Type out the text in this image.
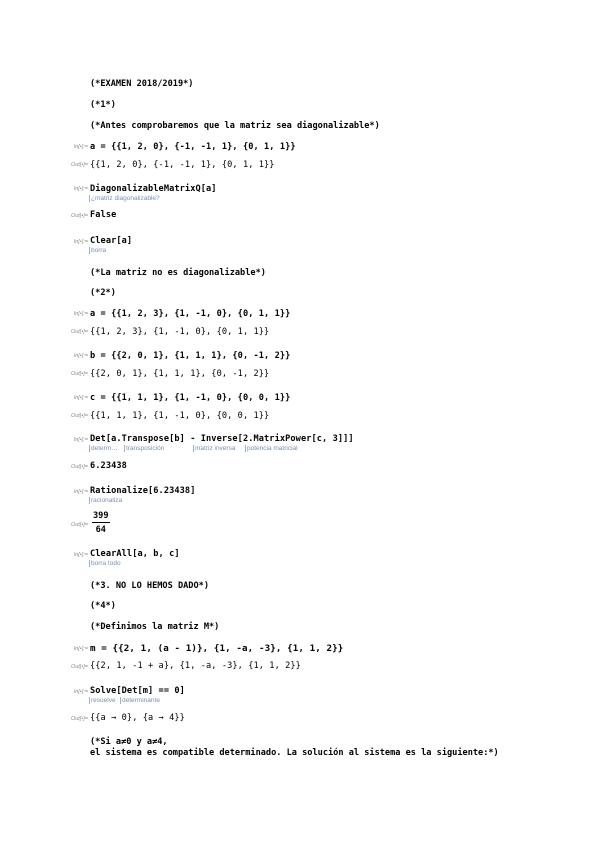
(*EXAMEN 2018/2019*)
(*1*)
(*Antes comprobaremos que la matriz sea diagonalizable*)
In[•]:= a = {{1, 2, 0}, {-1, -1, 1}, {0, 1, 1}}
Out[•]= {{1, 2, 0}, {-1, -1, 1}, {0, 1, 1}}
In[•]:= DiagonalizableMatrixQ[a]
¿matriz diagonalizable?
Out[•]= False
In[•]:= Clear[a]
borra
(*La matriz no es diagonalizable*)
(*2*)
In[•]:= a = {{1, 2, 3}, {1, -1, 0}, {0, 1, 1}}
Out[•]= {{1, 2, 3}, {1, -1, 0}, {0, 1, 1}}
In[•]:= b = {{2, 0, 1}, {1, 1, 1}, {0, -1, 2}}
Out[•]= {{2, 0, 1}, {1, 1, 1}, {0, -1, 2}}
In[•]:= c = {{1, 1, 1}, {1, -1, 0}, {0, 0, 1}}
Out[•]= {{1, 1, 1}, {1, -1, 0}, {0, 0, 1}}
In[•]:= Det[a.Transpose[b] - Inverse[2.MatrixPower[c, 3]]]
determ…	transposición	matriz inversa	potencia matricial
Out[•]= 6.23438
In[•]:= Rationalize[6.23438]
racionaliza
Out[•]= $\frac{399}{64}$
In[•]:= ClearAll[a, b, c]
borra todo
(*3. NO LO HEMOS DADO*)
(*4*)
(*Definimos la matriz M*)
In[•]:= m = {{2, 1, (a - 1)}, {1, -a, -3}, {1, 1, 2}}
Out[•]= {{2, 1, -1 + a}, {1, -a, -3}, {1, 1, 2}}
In[•]:= Solve[Det[m] == 0]
resuelve determinante
Out[•]= {{a → 0}, {a → 4}}
(*Si a≠0 y a≠4,
el sistema es compatible determinado. La solución al sistema es la siguiente:*)
